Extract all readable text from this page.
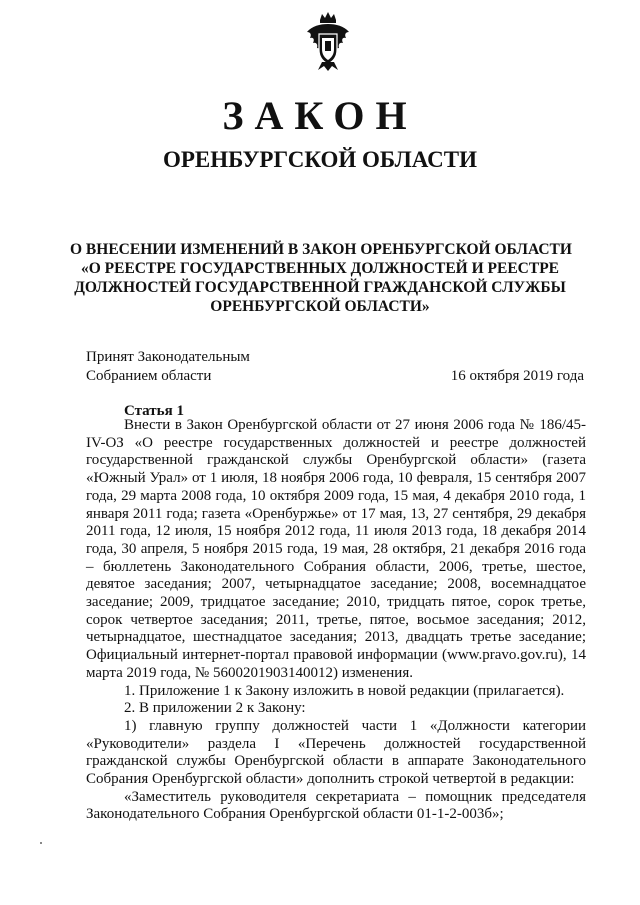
ЗАКОН
ОРЕНБУРГСКОЙ ОБЛАСТИ
О ВНЕСЕНИИ ИЗМЕНЕНИЙ В ЗАКОН ОРЕНБУРГСКОЙ ОБЛАСТИ
«О РЕЕСТРЕ ГОСУДАРСТВЕННЫХ ДОЛЖНОСТЕЙ И РЕЕСТРЕ
ДОЛЖНОСТЕЙ ГОСУДАРСТВЕННОЙ ГРАЖДАНСКОЙ СЛУЖБЫ
ОРЕНБУРГСКОЙ ОБЛАСТИ»
Принят Законодательным
Собранием области	16 октября 2019 года
Статья 1

Внести в Закон Оренбургской области от 27 июня 2006 года № 186/45-IV-ОЗ «О реестре государственных должностей и реестре должностей государственной гражданской службы Оренбургской области» (газета «Южный Урал» от 1 июля, 18 ноября 2006 года, 10 февраля, 15 сентября 2007 года, 29 марта 2008 года, 10 октября 2009 года, 15 мая, 4 декабря 2010 года, 1 января 2011 года; газета «Оренбуржье» от 17 мая, 13, 27 сентября, 29 декабря 2011 года, 12 июля, 15 ноября 2012 года, 11 июля 2013 года, 18 декабря 2014 года, 30 апреля, 5 ноября 2015 года, 19 мая, 28 октября, 21 декабря 2016 года – бюллетень Законодательного Собрания области, 2006, третье, шестое, девятое заседания; 2007, четырнадцатое заседание; 2008, восемнадцатое заседание; 2009, тридцатое заседание; 2010, тридцать пятое, сорок третье, сорок четвертое заседания; 2011, третье, пятое, восьмое заседания; 2012, четырнадцатое, шестнадцатое заседания; 2013, двадцать третье заседание; Официальный интернет-портал правовой информации (www.pravo.gov.ru), 14 марта 2019 года, № 5600201903140012) изменения.

1. Приложение 1 к Закону изложить в новой редакции (прилагается).

2. В приложении 2 к Закону:

1) главную группу должностей части 1 «Должности категории «Руководители» раздела I «Перечень должностей государственной гражданской службы Оренбургской области в аппарате Законодательного Собрания Оренбургской области» дополнить строкой четвертой в редакции:

«Заместитель руководителя секретариата – помощник председателя Законодательного Собрания Оренбургской области 01-1-2-003б»;
